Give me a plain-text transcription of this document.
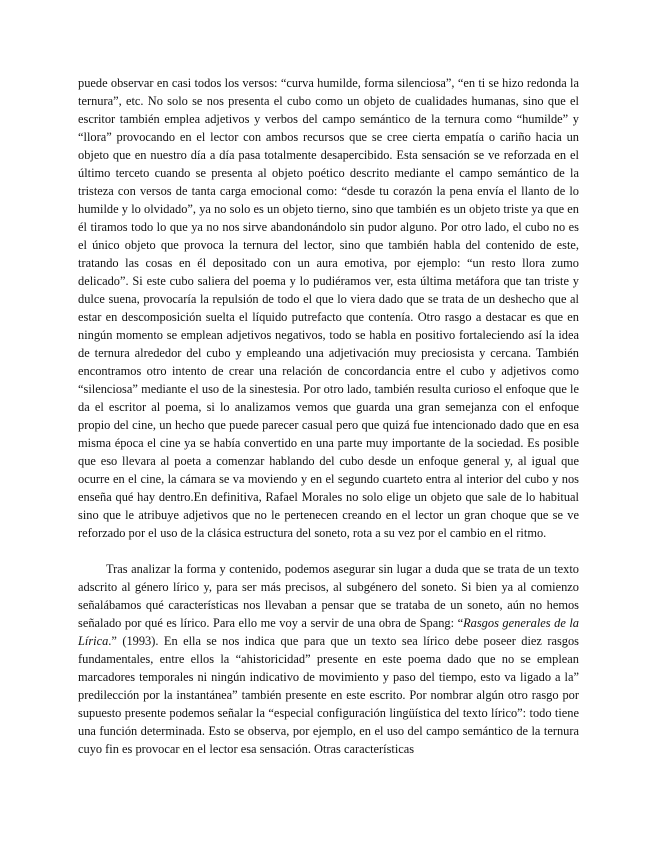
puede observar en casi todos los versos: “curva humilde, forma silenciosa”, “en ti se hizo redonda la ternura”, etc. No solo se nos presenta el cubo como un objeto de cualidades humanas, sino que el escritor también emplea adjetivos y verbos del campo semántico de la ternura como “humilde” y “llora” provocando en el lector con ambos recursos que se cree cierta empatía o cariño hacia un objeto que en nuestro día a día pasa totalmente desapercibido. Esta sensación se ve reforzada en el último terceto cuando se presenta al objeto poético descrito mediante el campo semántico de la tristeza con versos de tanta carga emocional como: “desde tu corazón la pena envía el llanto de lo humilde y lo olvidado”, ya no solo es un objeto tierno, sino que también es un objeto triste ya que en él tiramos todo lo que ya no nos sirve abandonándolo sin pudor alguno. Por otro lado, el cubo no es el único objeto que provoca la ternura del lector, sino que también habla del contenido de este, tratando las cosas en él depositado con un aura emotiva, por ejemplo: “un resto llora zumo delicado”. Si este cubo saliera del poema y lo pudiéramos ver, esta última metáfora que tan triste y dulce suena, provocaría la repulsión de todo el que lo viera dado que se trata de un deshecho que al estar en descomposición suelta el líquido putrefacto que contenía. Otro rasgo a destacar es que en ningún momento se emplean adjetivos negativos, todo se habla en positivo fortaleciendo así la idea de ternura alrededor del cubo y empleando una adjetivación muy preciosista y cercana. También encontramos otro intento de crear una relación de concordancia entre el cubo y adjetivos como “silenciosa” mediante el uso de la sinestesia. Por otro lado, también resulta curioso el enfoque que le da el escritor al poema, si lo analizamos vemos que guarda una gran semejanza con el enfoque propio del cine, un hecho que puede parecer casual pero que quizá fue intencionado dado que en esa misma época el cine ya se había convertido en una parte muy importante de la sociedad. Es posible que eso llevara al poeta a comenzar hablando del cubo desde un enfoque general y, al igual que ocurre en el cine, la cámara se va moviendo y en el segundo cuarteto entra al interior del cubo y nos enseña qué hay dentro.En definitiva, Rafael Morales no solo elige un objeto que sale de lo habitual sino que le atribuye adjetivos que no le pertenecen creando en el lector un gran choque que se ve reforzado por el uso de la clásica estructura del soneto, rota a su vez por el cambio en el ritmo.

Tras analizar la forma y contenido, podemos asegurar sin lugar a duda que se trata de un texto adscrito al género lírico y, para ser más precisos, al subgénero del soneto. Si bien ya al comienzo señalábamos qué características nos llevaban a pensar que se trataba de un soneto, aún no hemos señalado por qué es lírico. Para ello me voy a servir de una obra de Spang: “Rasgos generales de la Lírica.” (1993). En ella se nos indica que para que un texto sea lírico debe poseer diez rasgos fundamentales, entre ellos la “ahistoricidad” presente en este poema dado que no se emplean marcadores temporales ni ningún indicativo de movimiento y paso del tiempo, esto va ligado a la” predilección por la instantánea” también presente en este escrito. Por nombrar algún otro rasgo por supuesto presente podemos señalar la “especial configuración lingüística del texto lírico”: todo tiene una función determinada. Esto se observa, por ejemplo, en el uso del campo semántico de la ternura cuyo fin es provocar en el lector esa sensación. Otras características
